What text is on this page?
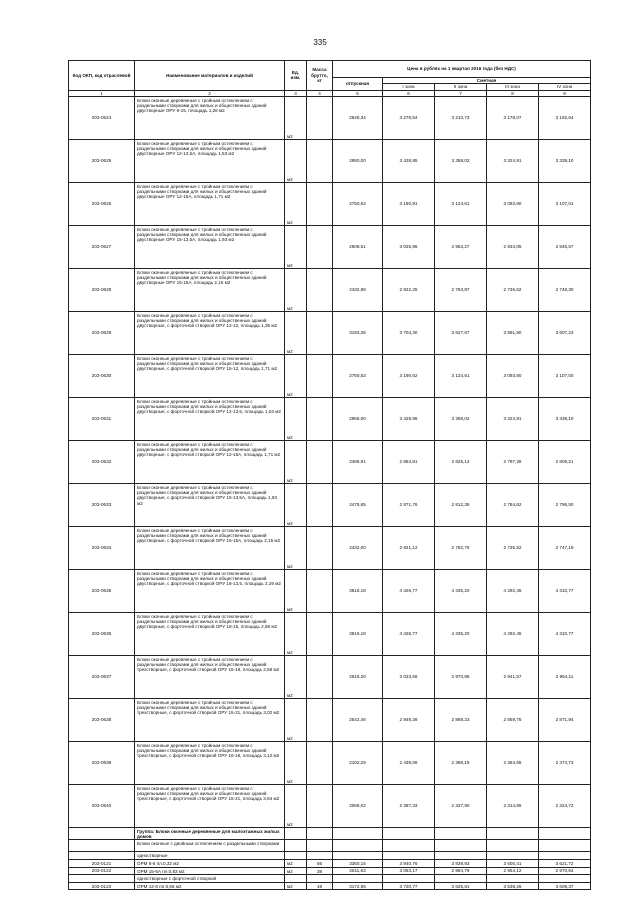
335
Код ОКП, код отраслевой	Наименование материалов и изделий	Ед. изм.	Масса брутто, кг	Цена в рублях на 1 квартал 2016 года (без НДС)				
				отпускная	Сметная			
					I зона	II зона	III зона	IV зона
1	2	3	4	5	6	7	8	9
203-0624	Блоки оконные деревянные с тройным остеклением с раздельными створками для жилых и общественных зданий двустворные ОРУ 9-15, площадь 1,26 м2	м2		2628,34	3 278,54	3 210,73	3 178,07	3 192,64
203-0625	Блоки оконные деревянные с тройным остеклением с раздельными створками для жилых и общественных зданий двустворные ОРУ 12-13,5А, площадь 1,53 м2	м2		2950,00	3 428,85	3 358,02	3 324,91	3 339,10
203-0626	Блоки оконные деревянные с тройным остеклением с раздельными створками для жилых и общественных зданий двустворные ОРУ 12-15А, площадь 1,71 м2	м2		2750,53	3 190,81	3 124,61	3 093,80	3 107,01
203-0627	Блоки оконные деревянные с тройным остеклением с раздельными створками для жилых и общественных зданий двустворные ОРУ 15-13,5А, площадь 1,93 м2	м2		2608,51	3 025,96	2 963,27	2 934,05	2 946,57
203-0628	Блоки оконные деревянные с тройным остеклением с раздельными створками для жилых и общественных зданий двустворные ОРУ 15-15А, площадь 2,15 м2	м2		2432,98	2 822,25	2 763,87	2 736,62	2 748,30
203-0629	Блоки оконные деревянные с тройным остеклением с раздельными створками для жилых и общественных зданий двустворные, с форточной створкой ОРУ 12-12, площадь 1,36 м2	м2		3193,35	3 704,30	3 627,67	3 591,90	3 607,23
203-0630	Блоки оконные деревянные с тройным остеклением с раздельными створками для жилых и общественных зданий двустворные, с форточной створкой ОРУ 15-12, площадь 1,71 м2	м2		2750,53	3 190,62	3 124,61	3 093,80	3 107,00
203-0631	Блоки оконные деревянные с тройным остеклением с раздельными створками для жилых и общественных зданий двустворные, с форточной створкой ОРУ 12-13,5, площадь 1,53 м2	м2		2956,00	3 428,96	3 358,02	3 324,91	3 339,10
203-0632	Блоки оконные деревянные с тройным остеклением с раздельными створками для жилых и общественных зданий двустворные, с форточной створкой ОРУ 12-15А, площадь 1,71 м2	м2		2486,91	2 884,81	2 825,13	2 797,28	2 809,21
203-0633	Блоки оконные деревянные с тройным остеклением с раздельными створками для жилых и общественных зданий двустворные, с форточной створкой ОРУ 15-13,5А, площадь 1,93 м2	м2		2475,65	2 871,76	2 812,35	2 784,62	2 796,50
203-0634	Блоки оконные деревянные с тройным остеклением с раздельными створками для жилых и общественных зданий двустворные, с форточной створкой ОРУ 15-15А, площадь 2,15 м2	м2		2432,00	2 821,12	2 762,76	2 735,52	2 747,19
203-0635	Блоки оконные деревянные с тройным остеклением с раздельными створками для жилых и общественных зданий двустворные, с форточной створкой ОРУ 18-13,5, площадь 2,29 м2	м2		3816,18	4 426,77	4 335,20	4 292,45	4 310,77
203-0636	Блоки оконные деревянные с тройным остеклением с раздельными створками для жилых и общественных зданий двустворные, с форточной створкой ОРУ 18-15, площадь 2,59 м2	м2		3816,18	4 426,77	4 335,20	4 292,45	4 310,77
203-0637	Блоки оконные деревянные с тройным остеклением с раздельными створками для жилых и общественных зданий трехстворные, с форточной створкой ОРУ 15-18, площадь 2,58 м2	м2		2615,20	3 033,66	2 970,86	2 941,57	2 954,11
203-0638	Блоки оконные деревянные с тройным остеклением с раздельными створками для жилых и общественных зданий трехстворные, с форточной створкой ОРУ 15-21, площадь 3,02 м2	м2		2542,46	2 949,28	2 888,23	2 859,75	2 871,94
203-0639	Блоки оконные деревянные с тройным остеклением с раздельными створками для жилых и общественных зданий трехстворные, с форточной створкой ОРУ 18-18, площадь 3,12 м2	м2		2102,29	2 438,69	2 388,19	2 364,65	2 374,73
203-0640	Блоки оконные деревянные с тройным остеклением с раздельными створками для жилых и общественных зданий трехстворные, с форточной створкой ОРУ 15-21, площадь 3,64 м2	м2		2058,02	2 387,33	2 337,90	2 314,86	2 324,72
	Группа: Блоки оконные деревянные для малоэтажных жилых домов							
	Блоки оконные с двойным остеклением с раздельными створками							
	одностворные							
203-0121	ОРМ 6-6 пл.0,32 м2	м2	56	3360,15	3 940,76	3 839,93	3 600,41	3 621,72
203-0122	ОРМ 15-6А пл.0,83 м2	м2	38	2611,63	3 063,17	2 984,79	2 954,12	2 970,64
	одностворные с форточной створкой							
203-0123	ОРМ 12-6 пл.0,66 м2	м2	48	3172,55	3 720,77	3 625,81	3 538,26	3 609,37
